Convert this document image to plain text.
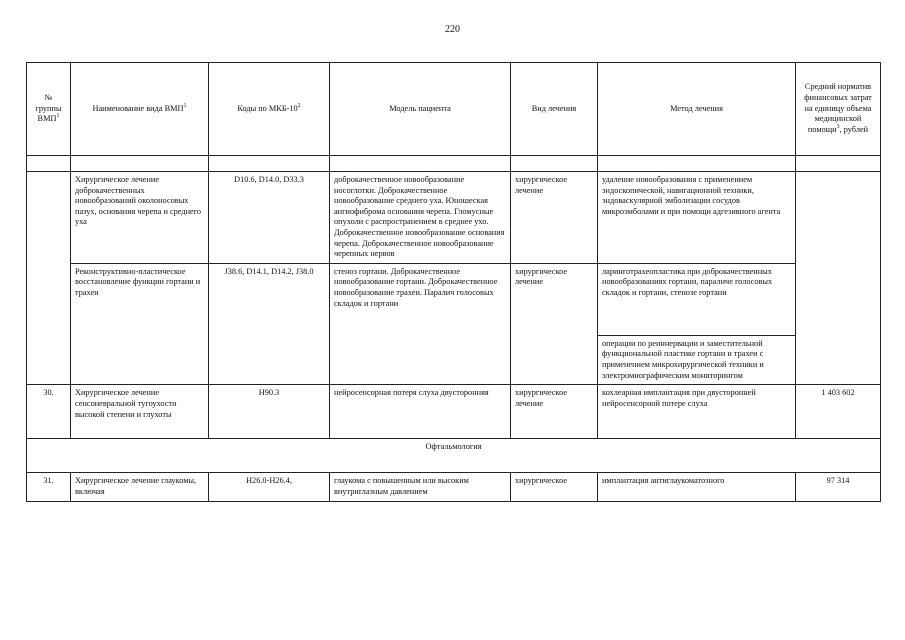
220
№ группы ВМП$^1$	Наименование вида ВМП$^1$	Коды по МКБ-$10^2$	Модель пациента	Вид лечения	Метод лечения	Средний норматив финансовых затрат на единицу объема медицинской помощи$^3$, рублей

	Хирургическое лечение доброкачественных новообразований околоносовых пазух, основания черепа и среднего уха	D10.6, D14.0, D33.3	доброкачественное новообразование носоглотки. Доброкачественное новообразование среднего уха. Юношеская ангиофиброма основания черепа. Гломусные опухоли с распространением в среднее ухо. Доброкачественное новообразование основания черепа. Доброкачественное новообразование черепных нервов	хирургическое лечение	удаление новообразования с применением эндоскопической, навигационной техники, эндоваскулярной эмболизации сосудов микроэмболами и при помощи адгезивного агента	
	Реконструктивно-пластическое восстановление функции гортани и трахеи	J38.6, D14.1, D14.2, J38.0	стеноз гортани. Доброкачественное новообразование гортани. Доброкачественное новообразование трахеи. Паралич голосовых складок и гортани	хирургическое лечение	ларинготрахеопластика при доброкачественных новообразованиях гортани, параличе голосовых складок и гортани, стенозе гортани	
					операции по реиннервации и заместительной функциональной пластике гортани и трахеи с применением микрохирургической техники и электромиографическим мониторингом	
30.	Хирургическое лечение сенсоневральной тугоухости высокой степени и глухоты	H90.3	нейросенсорная потеря слуха двусторонняя	хирургическое лечение	кохлеарная имплантация при двусторонней нейросенсорной потере слуха	1 403 602
Офтальмология						
31.	Хирургическое лечение глаукомы, включая	H26.0-H26.4,	глаукома с повышенным или высоким внутриглазным давлением	хирургическое	имплантация антиглаукоматозного	97 314
